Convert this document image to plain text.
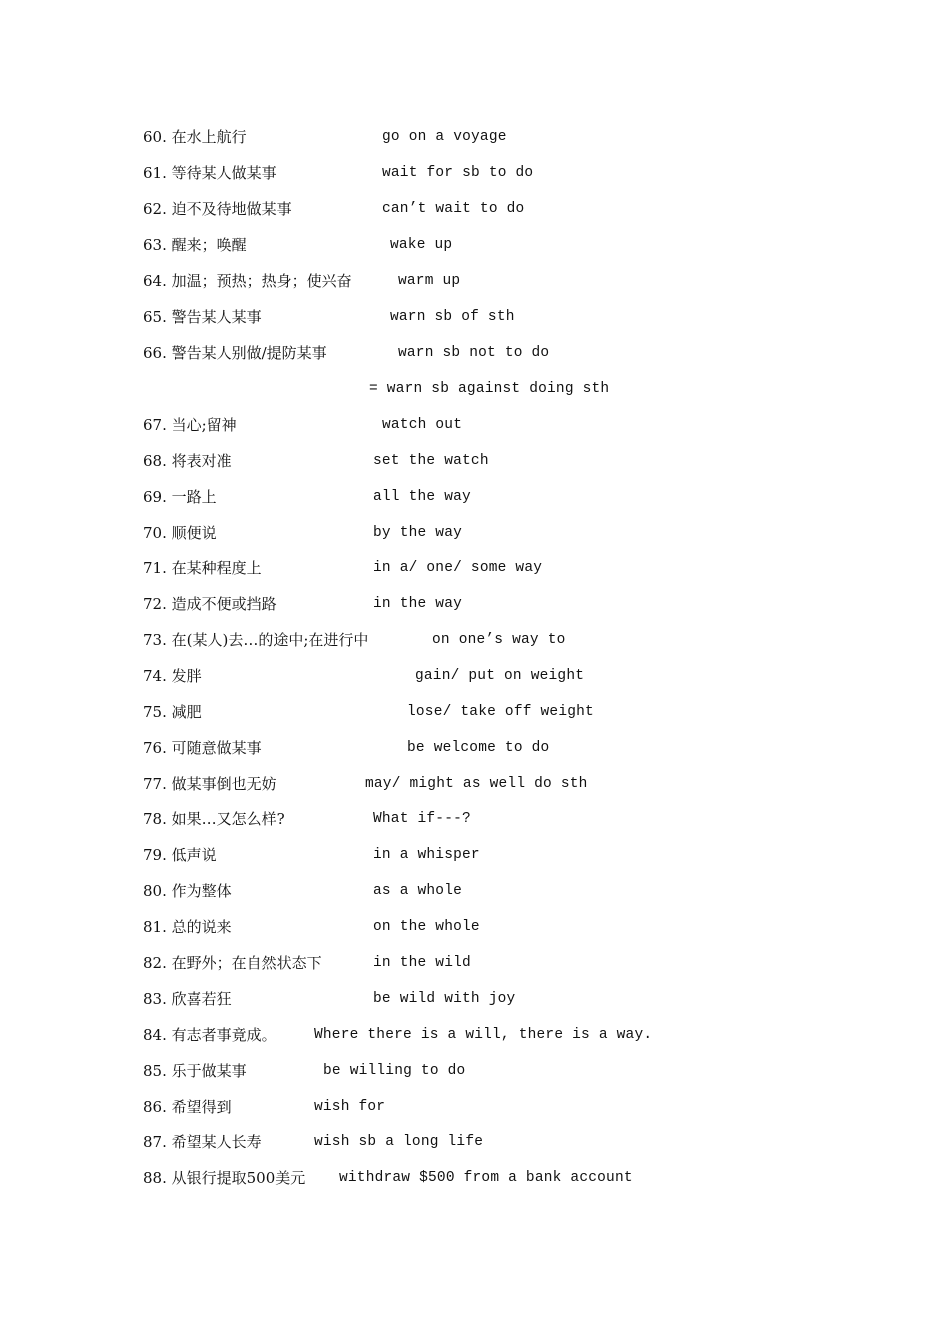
60. 在水上航行	go on a voyage
61. 等待某人做某事	wait for sb to do
62. 迫不及待地做某事	can’t wait to do
63. 醒来；唤醒	wake up
64. 加温；预热；热身；使兴奋	warm up
65. 警告某人某事	warn sb of sth
66. 警告某人别做/提防某事	warn sb not to do
= warn sb against doing sth
67. 当心;留神	watch out
68. 将表对准	set the watch
69. 一路上	all the way
70. 顺便说	by the way
71. 在某种程度上	in a/ one/ some way
72. 造成不便或挡路	in the way
73. 在(某人)去…的途中;在进行中	on one’s way to
74. 发胖	gain/ put on weight
75. 减肥	lose/ take off weight
76. 可随意做某事	be welcome to do
77. 做某事倒也无妨	may/ might as well do sth
78. 如果…又怎么样?	What if---?
79. 低声说	in a whisper
80. 作为整体	as a whole
81. 总的说来	on the whole
82. 在野外；在自然状态下	in the wild
83. 欣喜若狂	be wild with joy
84. 有志者事竟成。	Where there is a will, there is a way.
85. 乐于做某事	be willing to do
86. 希望得到	wish for
87. 希望某人长寿	wish sb a long life
88. 从银行提取500美元 withdraw $500 from a bank account
